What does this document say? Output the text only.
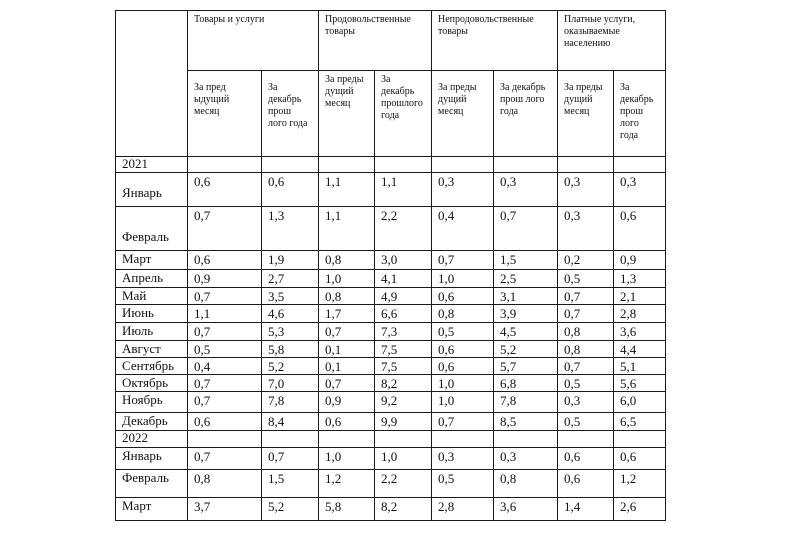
	Товары и услуги		Продовольственные товары		Непродовольственные товары		Платные услуги, оказываемые населению	
	За пред ыдущий месяц	За декабрь прош лого года	За преды дущий месяц	За декабрь прошлого года	За преды дущий месяц	За декабрь прош лого года	За преды дущий месяц	За декабрь прош лого года
2021								
Январь	0,6	0,6	1,1	1,1	0,3	0,3	0,3	0,3
Февраль	0,7	1,3	1,1	2,2	0,4	0,7	0,3	0,6
Март	0,6	1,9	0,8	3,0	0,7	1,5	0,2	0,9
Апрель	0,9	2,7	1,0	4,1	1,0	2,5	0,5	1,3
Май	0,7	3,5	0,8	4,9	0,6	3,1	0,7	2,1
Июнь	1,1	4,6	1,7	6,6	0,8	3,9	0,7	2,8
Июль	0,7	5,3	0,7	7,3	0,5	4,5	0,8	3,6
Август	0,5	5,8	0,1	7,5	0,6	5,2	0,8	4,4
Сентябрь	0,4	5,2	0,1	7,5	0,6	5,7	0,7	5,1
Октябрь	0,7	7,0	0,7	8,2	1,0	6,8	0,5	5,6
Ноябрь	0,7	7,8	0,9	9,2	1,0	7,8	0,3	6,0
Декабрь	0,6	8,4	0,6	9,9	0,7	8,5	0,5	6,5
2022								
Январь	0,7	0,7	1,0	1,0	0,3	0,3	0,6	0,6
Февраль	0,8	1,5	1,2	2,2	0,5	0,8	0,6	1,2
Март	3,7	5,2	5,8	8,2	2,8	3,6	1,4	2,6
